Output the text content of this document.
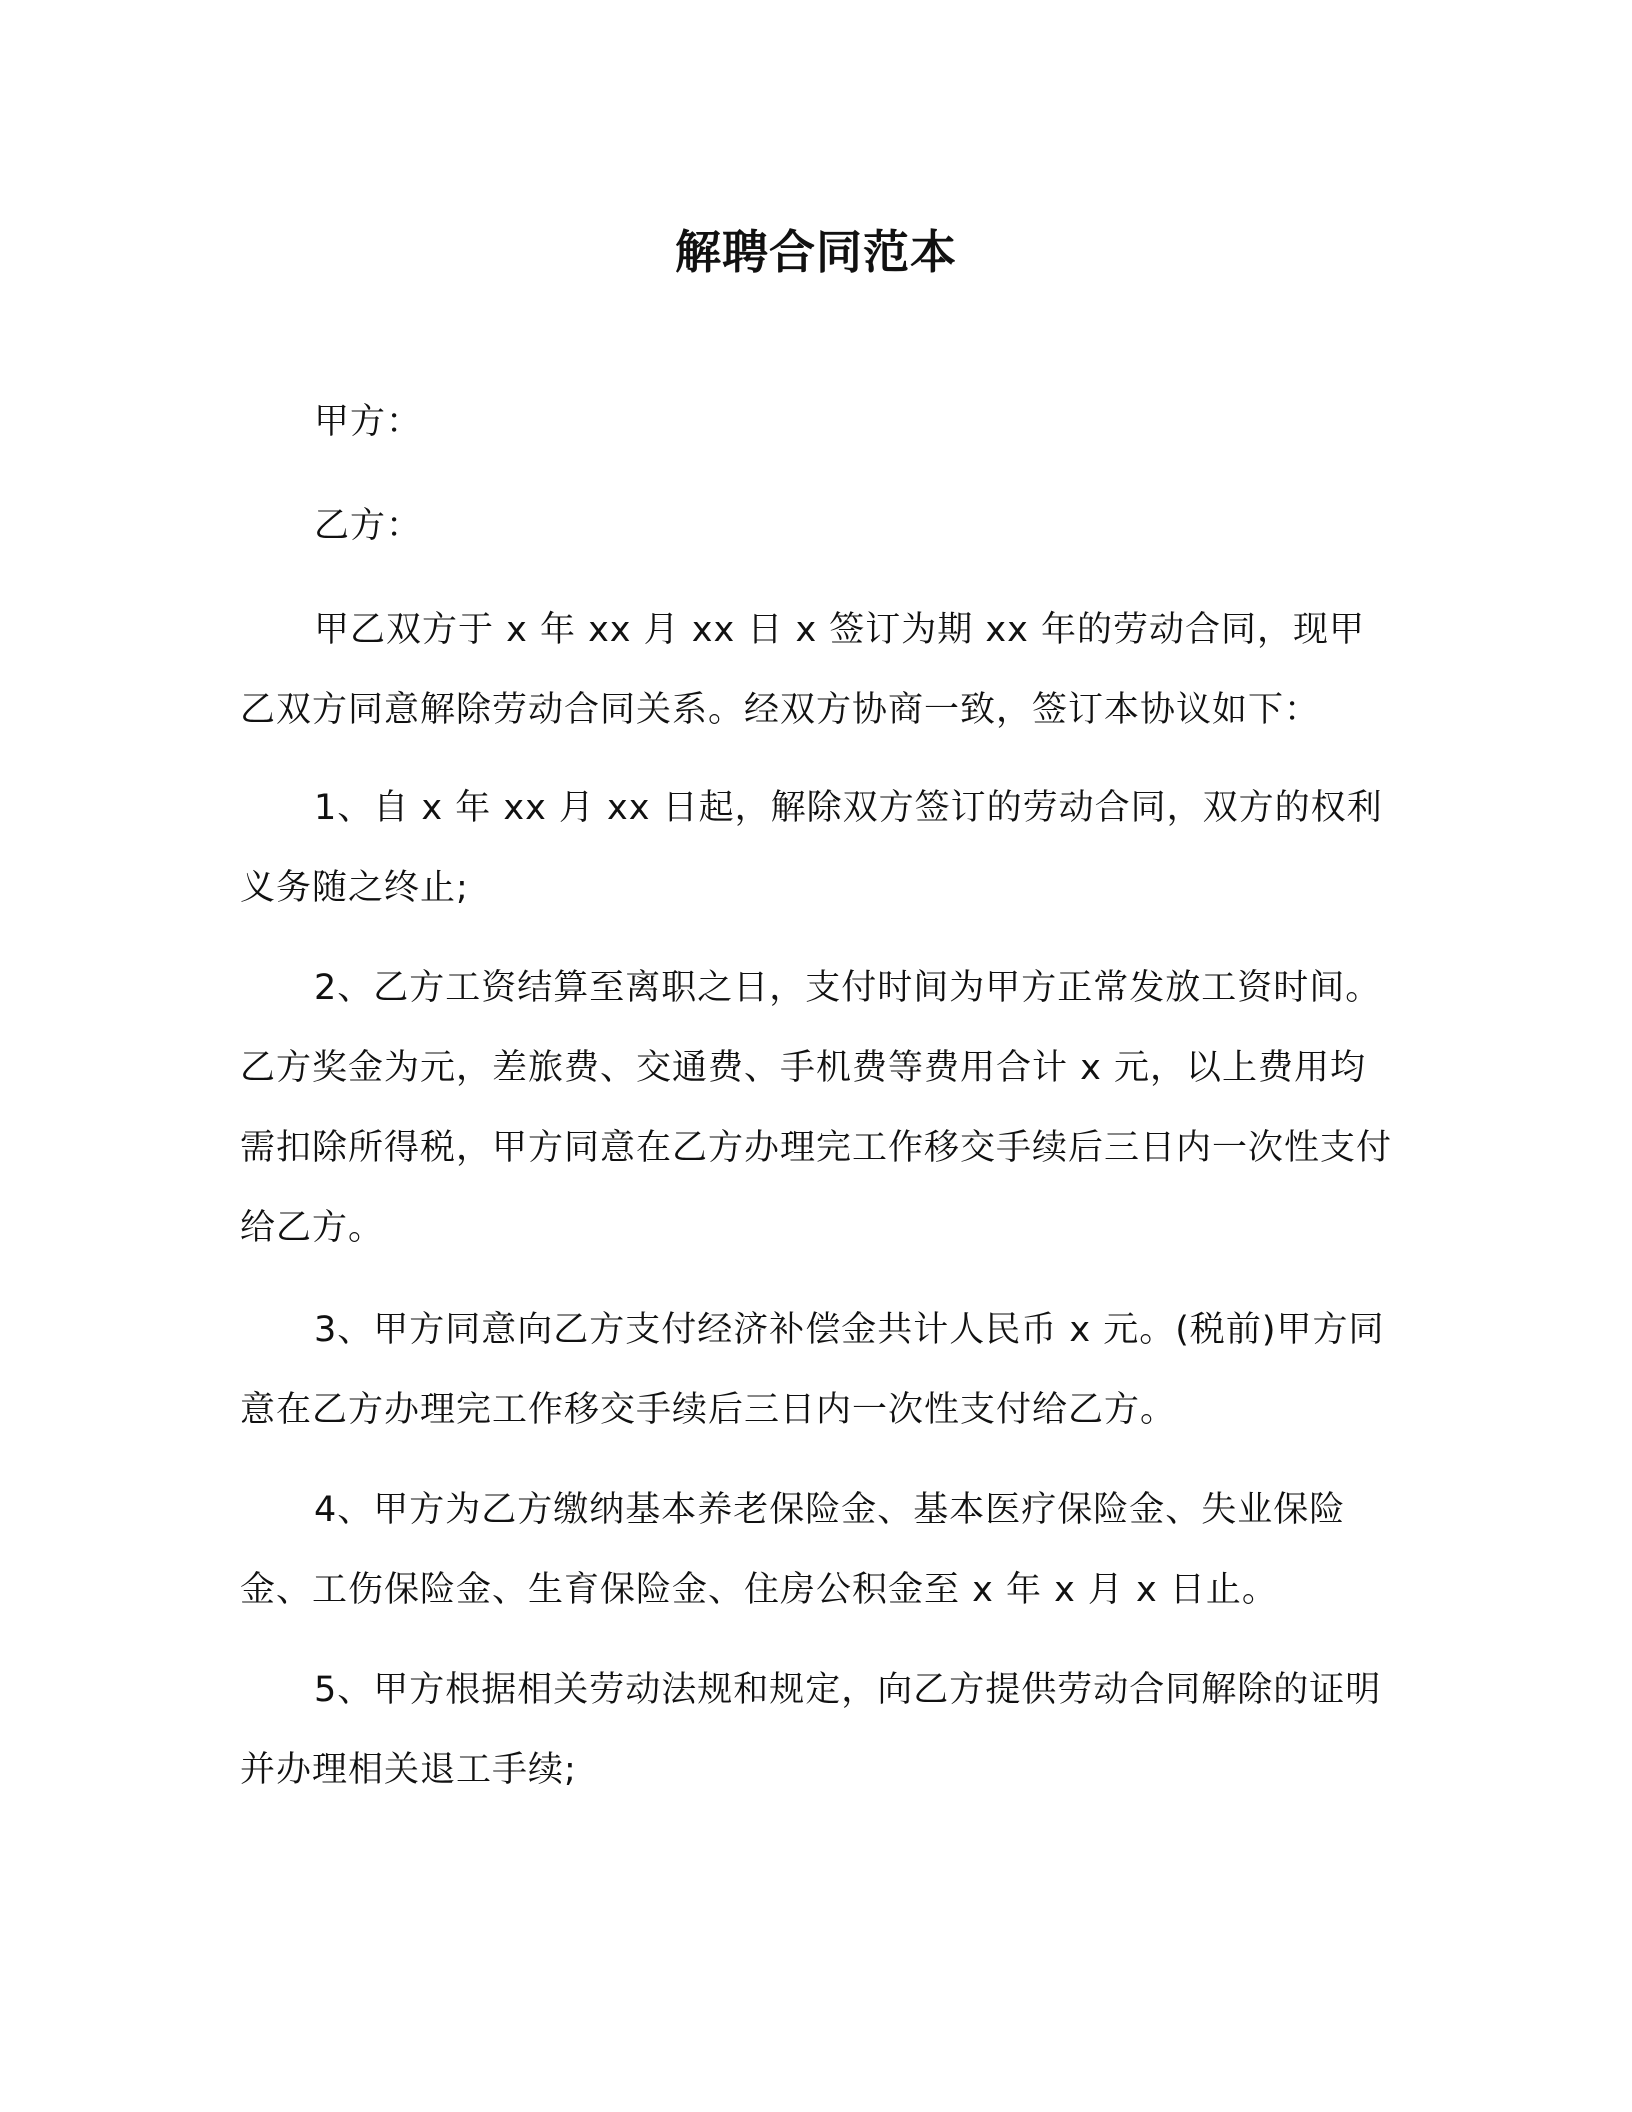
解聘合同范本

甲方：

乙方：

甲乙双方于 x 年 xx 月 xx 日 x 签订为期 xx 年的劳动合同，现甲乙双方同意解除劳动合同关系。经双方协商一致，签订本协议如下：

1、自 x 年 xx 月 xx 日起，解除双方签订的劳动合同，双方的权利义务随之终止;

2、乙方工资结算至离职之日，支付时间为甲方正常发放工资时间。乙方奖金为元，差旅费、交通费、手机费等费用合计 x 元，以上费用均需扣除所得税，甲方同意在乙方办理完工作移交手续后三日内一次性支付给乙方。

3、甲方同意向乙方支付经济补偿金共计人民币 x 元。(税前)甲方同意在乙方办理完工作移交手续后三日内一次性支付给乙方。

4、甲方为乙方缴纳基本养老保险金、基本医疗保险金、失业保险金、工伤保险金、生育保险金、住房公积金至 x 年 x 月 x 日止。

5、甲方根据相关劳动法规和规定，向乙方提供劳动合同解除的证明并办理相关退工手续;
